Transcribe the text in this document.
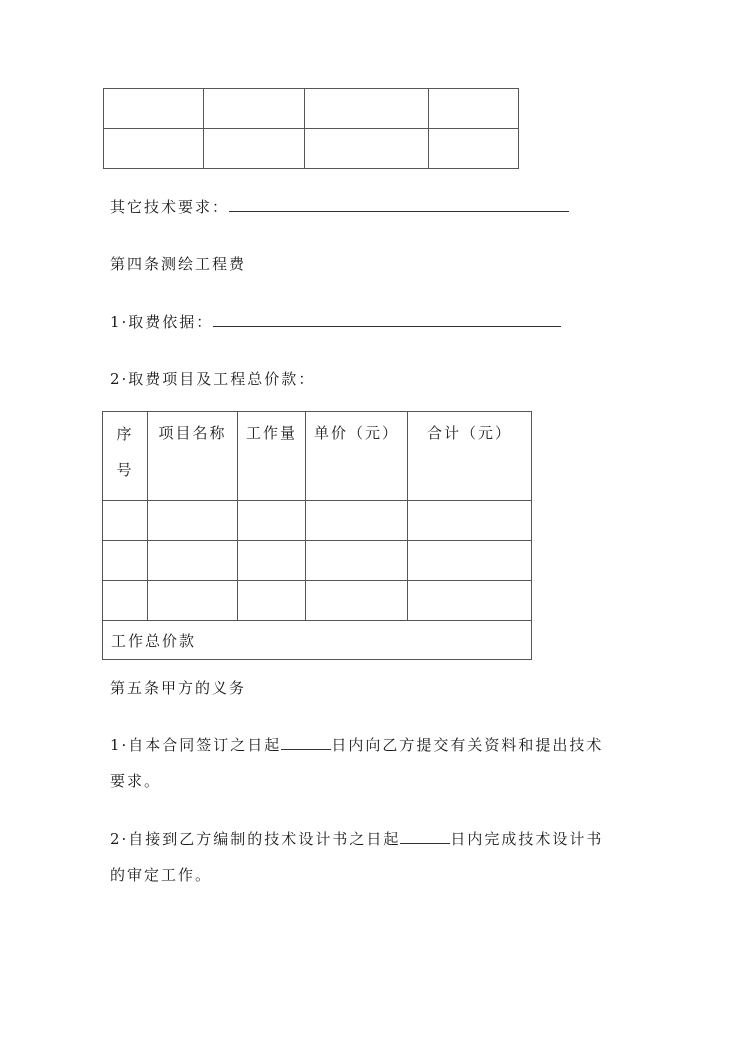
其它技术要求：
第四条测绘工程费
1·取费依据：
2·取费项目及工程总价款：
序
号	项目名称	工作量	单价（元）	合计（元）

工作总价款				
第五条甲方的义务
1·自本合同签订之日起	日内向乙方提交有关资料和提出技术
要求。
2·自接到乙方编制的技术设计书之日起	日内完成技术设计书
的审定工作。
